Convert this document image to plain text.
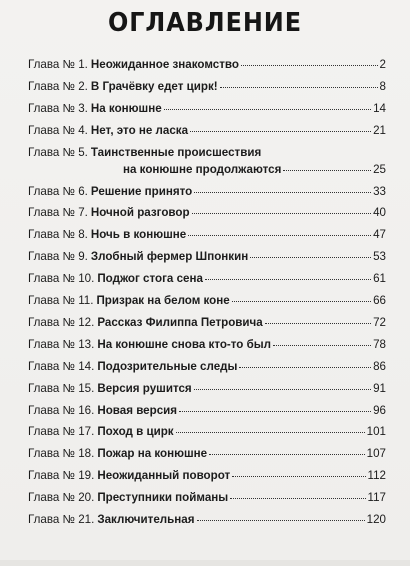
ОГЛАВЛЕНИЕ
Глава № 1. Неожиданное знакомство	2
Глава № 2. В Грачёвку едет цирк!	8
Глава № 3. На конюшне	14
Глава № 4. Нет, это не ласка	21
Глава № 5. Таинственные происшествия
на конюшне продолжаются	25
Глава № 6. Решение принято	33
Глава № 7. Ночной разговор	40
Глава № 8. Ночь в конюшне	47
Глава № 9. Злобный фермер Шпонкин	53
Глава № 10. Поджог стога сена	61
Глава № 11. Призрак на белом коне	66
Глава № 12. Рассказ Филиппа Петровича	72
Глава № 13. На конюшне снова кто-то был	78
Глава № 14. Подозрительные следы	86
Глава № 15. Версия рушится	91
Глава № 16. Новая версия	96
Глава № 17. Поход в цирк	101
Глава № 18. Пожар на конюшне	107
Глава № 19. Неожиданный поворот	112
Глава № 20. Преступники пойманы	117
Глава № 21. Заключительная	120
